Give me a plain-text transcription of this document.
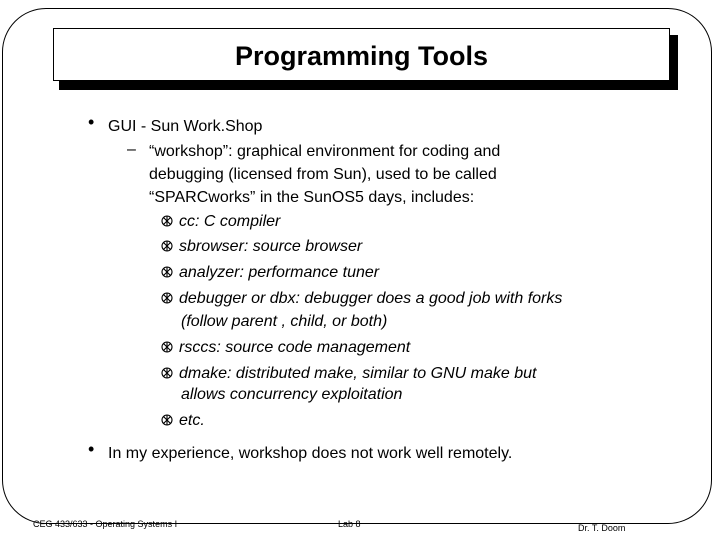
Programming Tools
• GUI - Sun Work.Shop
– “workshop”: graphical environment for coding and
debugging (licensed from Sun), used to be called
“SPARCworks” in the SunOS5 days, includes:
cc: C compiler
sbrowser: source browser
analyzer: performance tuner
debugger or dbx: debugger does a good job with forks
(follow parent , child, or both)
rsccs: source code management
dmake: distributed make, similar to GNU make but
allows concurrency exploitation
etc.
• In my experience, workshop does not work well remotely.
CEG 433/633 - Operating Systems I	Lab 8	Dr. T. Doom
